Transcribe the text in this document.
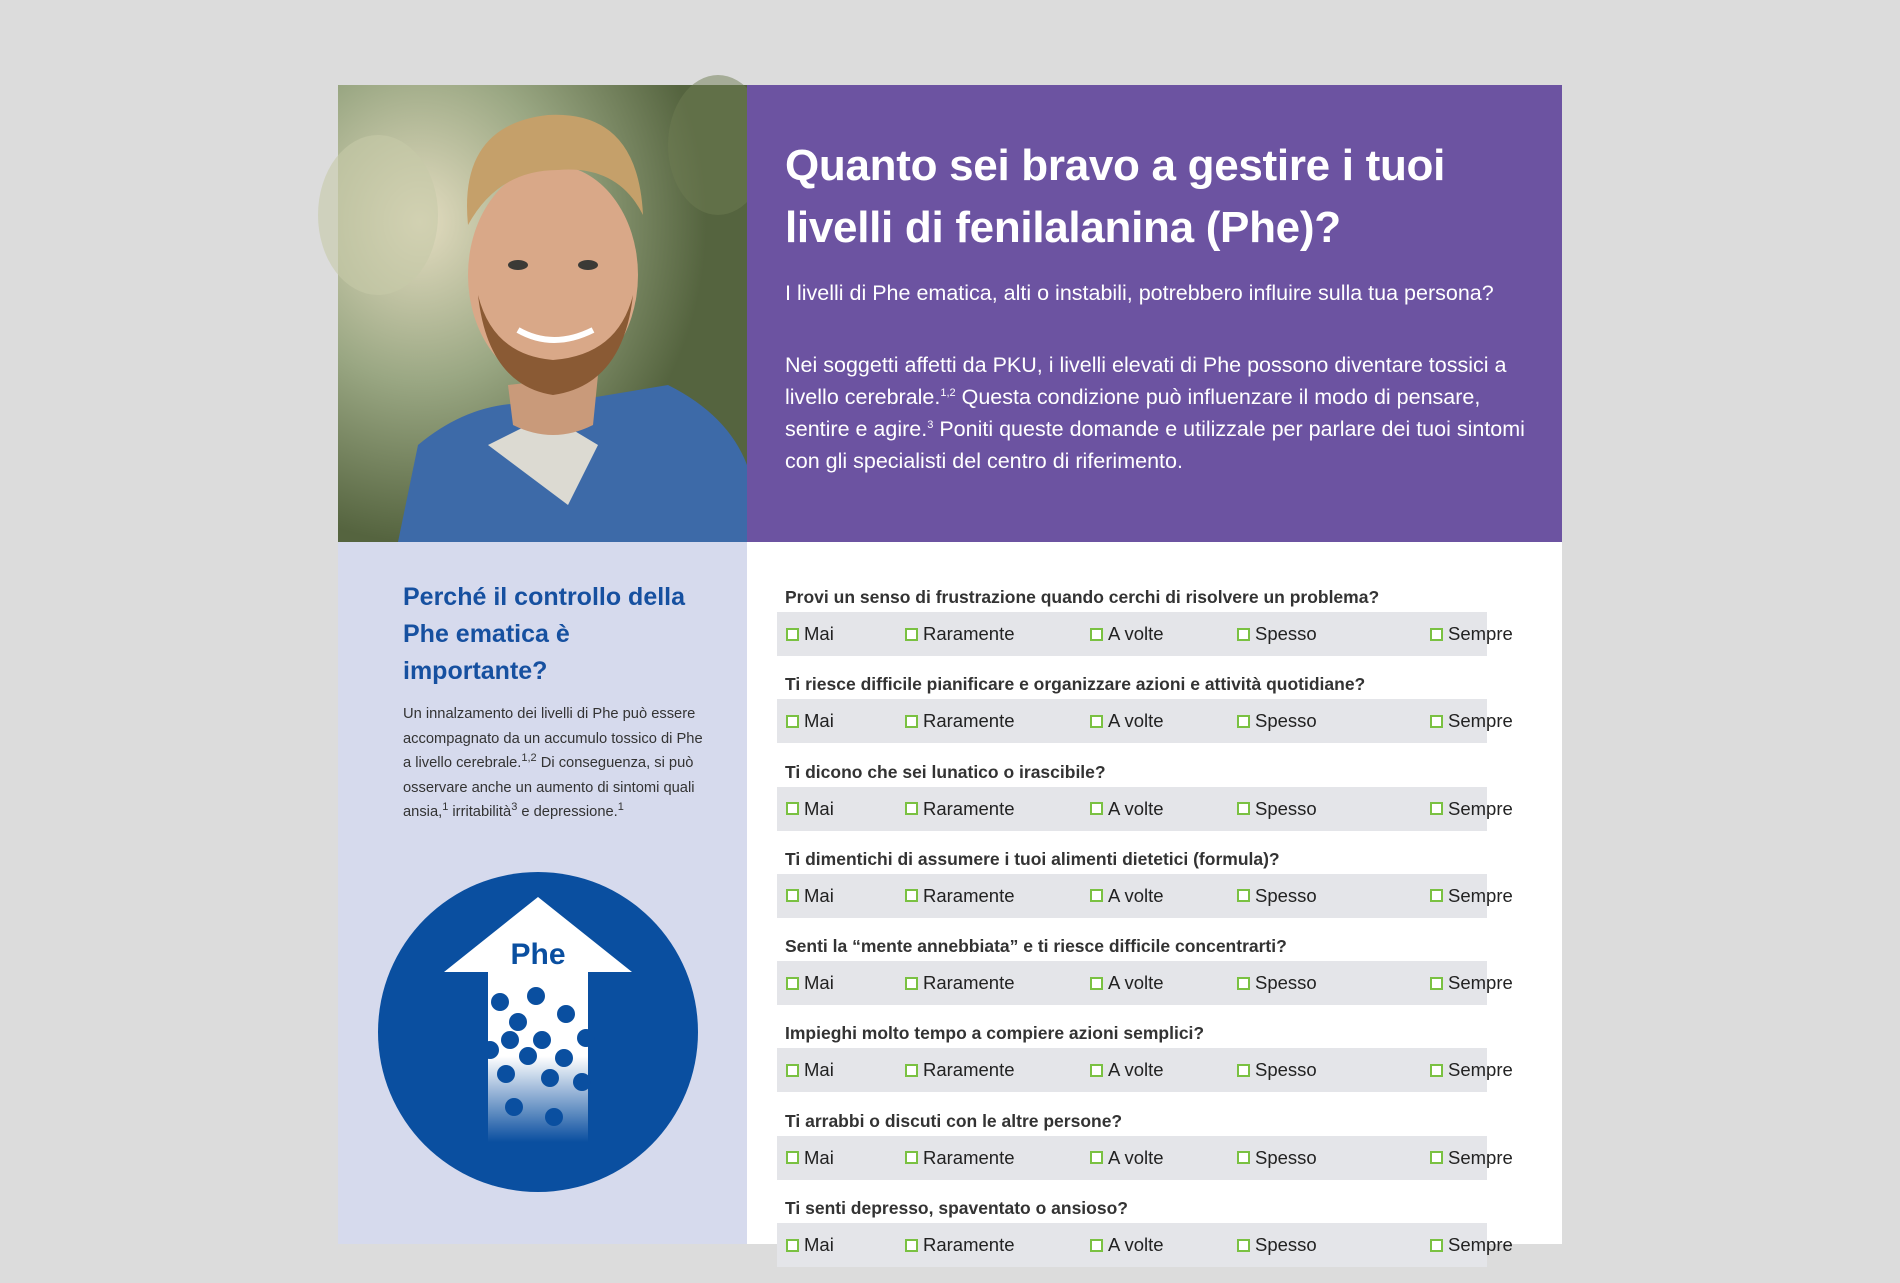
Quanto sei bravo a gestire i tuoi livelli di fenilalanina (Phe)?

I livelli di Phe ematica, alti o instabili, potrebbero influire sulla tua persona?

Nei soggetti affetti da PKU, i livelli elevati di Phe possono diventare tossici a livello cerebrale.$^{1,2}$ Questa condizione può influenzare il modo di pensare, sentire e agire.$^3$ Poniti queste domande e utilizzale per parlare dei tuoi sintomi con gli specialisti del centro di riferimento.

Perché il controllo della Phe ematica è importante?
Un innalzamento dei livelli di Phe può essere accompagnato da un accumulo tossico di Phe a livello cerebrale.$^{1,2}$ Di conseguenza, si può osservare anche un aumento di sintomi quali ansia,$^1$ irritabilità$^3$ e depressione.$^1$
Phe
Provi un senso di frustrazione quando cerchi di risolvere un problema?
Mai	Raramente	A volte	Spesso	Sempre
Ti riesce difficile pianificare e organizzare azioni e attività quotidiane?
Mai	Raramente	A volte	Spesso	Sempre
Ti dicono che sei lunatico o irascibile?
Mai	Raramente	A volte	Spesso	Sempre
Ti dimentichi di assumere i tuoi alimenti dietetici (formula)?
Mai	Raramente	A volte	Spesso	Sempre
Senti la “mente annebbiata” e ti riesce difficile concentrarti?
Mai	Raramente	A volte	Spesso	Sempre
Impieghi molto tempo a compiere azioni semplici?
Mai	Raramente	A volte	Spesso	Sempre
Ti arrabbi o discuti con le altre persone?
Mai	Raramente	A volte	Spesso	Sempre
Ti senti depresso, spaventato o ansioso?
Mai	Raramente	A volte	Spesso	Sempre
